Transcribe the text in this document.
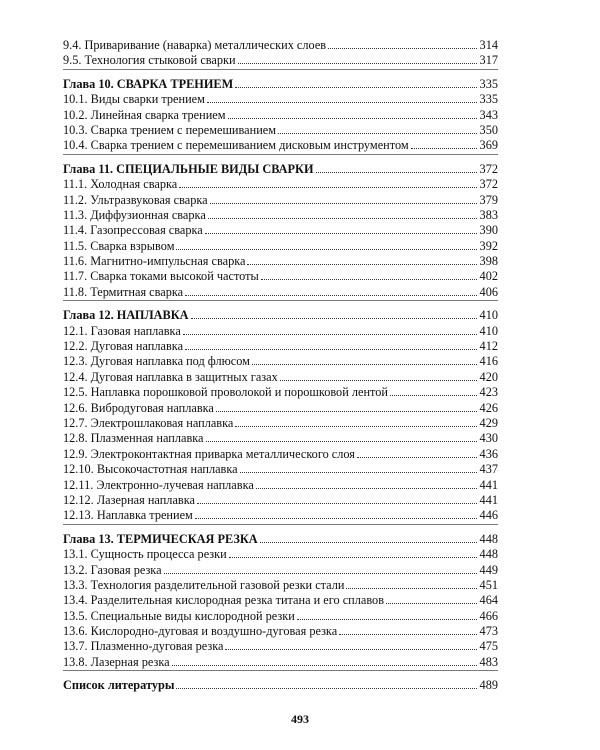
9.4. Приваривание (наварка) металлических слоев	314
9.5. Технология стыковой сварки	317
Глава 10. СВАРКА ТРЕНИЕМ	335
10.1. Виды сварки трением	335
10.2. Линейная сварка трением	343
10.3. Сварка трением с перемешиванием	350
10.4. Сварка трением с перемешиванием дисковым инструментом	369
Глава 11. СПЕЦИАЛЬНЫЕ ВИДЫ СВАРКИ	372
11.1. Холодная сварка	372
11.2. Ультразвуковая сварка	379
11.3. Диффузионная сварка	383
11.4. Газопрессовая сварка	390
11.5. Сварка взрывом	392
11.6. Магнитно-импульсная сварка	398
11.7. Сварка токами высокой частоты	402
11.8. Термитная сварка	406
Глава 12. НАПЛАВКА	410
12.1. Газовая наплавка	410
12.2. Дуговая наплавка	412
12.3. Дуговая наплавка под флюсом	416
12.4. Дуговая наплавка в защитных газах	420
12.5. Наплавка порошковой проволокой и порошковой лентой	423
12.6. Вибродуговая наплавка	426
12.7. Электрошлаковая наплавка	429
12.8. Плазменная наплавка	430
12.9. Электроконтактная приварка металлического слоя	436
12.10. Высокочастотная наплавка	437
12.11. Электронно-лучевая наплавка	441
12.12. Лазерная наплавка	441
12.13. Наплавка трением	446
Глава 13. ТЕРМИЧЕСКАЯ РЕЗКА	448
13.1. Сущность процесса резки	448
13.2. Газовая резка	449
13.3. Технология разделительной газовой резки стали	451
13.4. Разделительная кислородная резка титана и его сплавов	464
13.5. Специальные виды кислородной резки	466
13.6. Кислородно-дуговая и воздушно-дуговая резка	473
13.7. Плазменно-дуговая резка	475
13.8. Лазерная резка	483
Список литературы	489
493
